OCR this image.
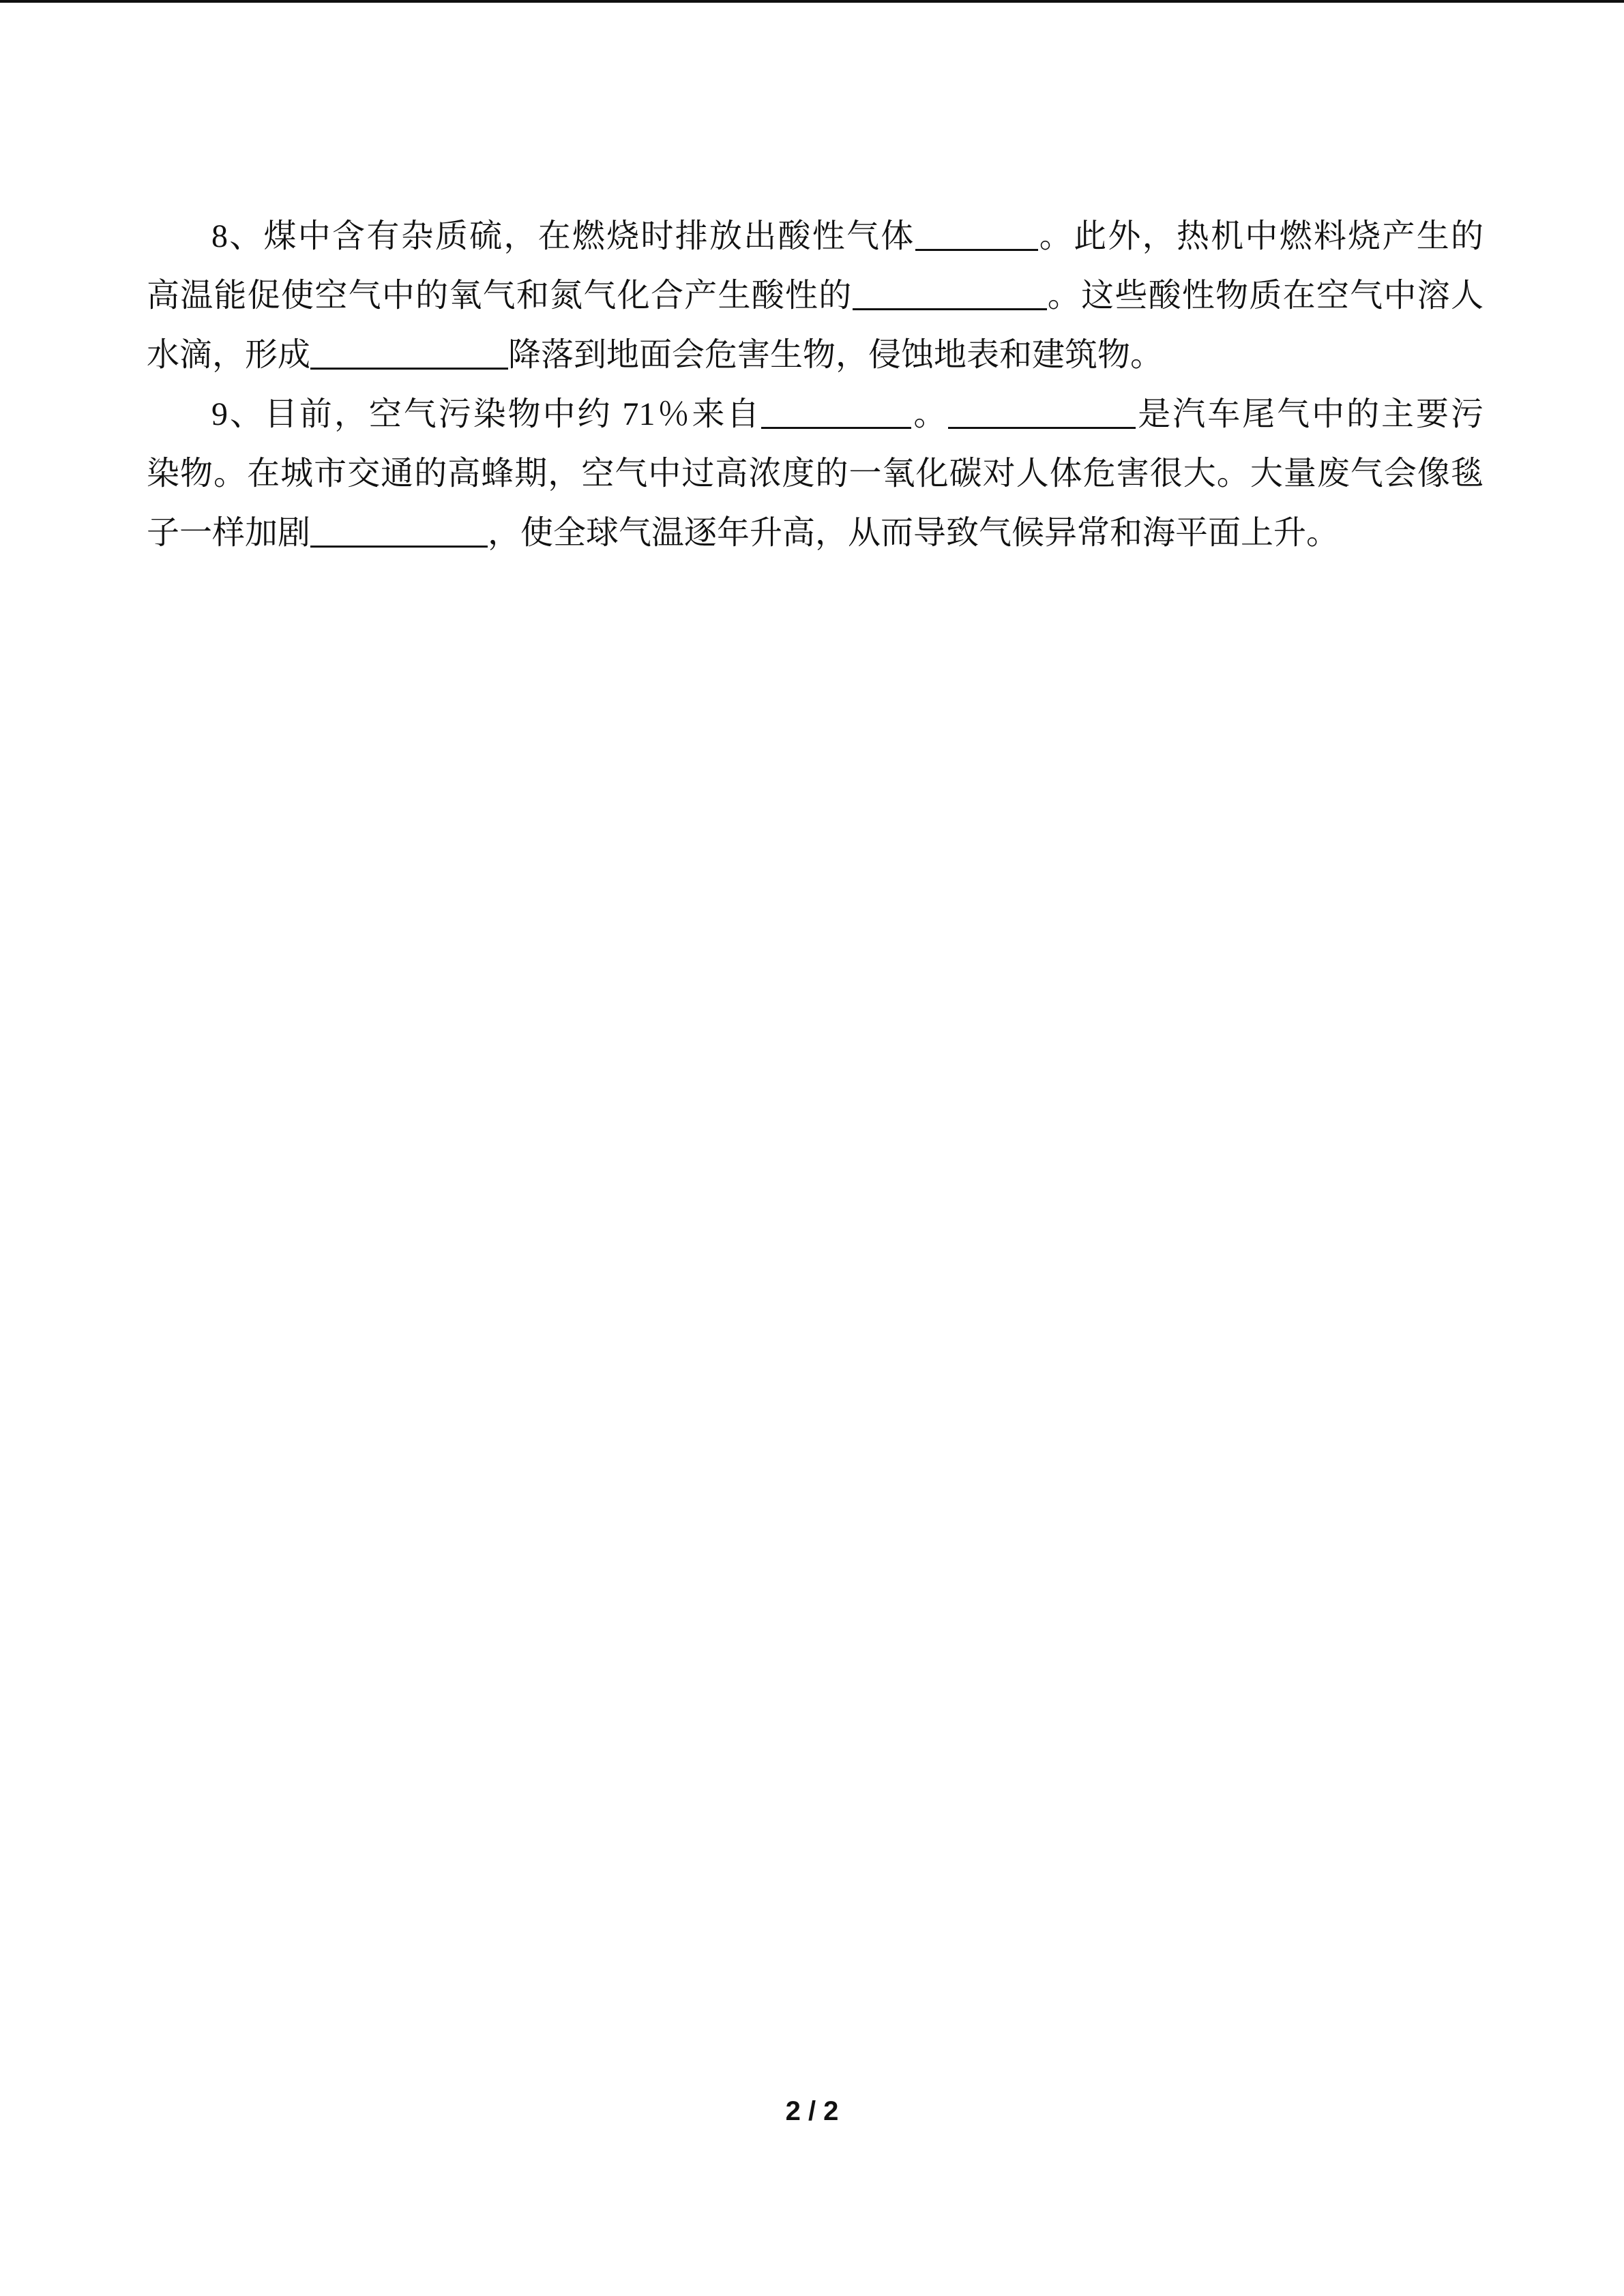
8、煤中含有杂质硫，在燃烧时排放出酸性气体	。此外，热机中燃料烧产生的
高温能促使空气中的氧气和氮气化合产生酸性的	。这些酸性物质在空气中溶人
水滴，形成	降落到地面会危害生物，侵蚀地表和建筑物。
9、目前，空气污染物中约 71％来自	。	是汽车尾气中的主要污
染物。在城市交通的高蜂期，空气中过高浓度的一氧化碳对人体危害很大。大量废气会像毯
子一样加剧	，使全球气温逐年升高，从而导致气候异常和海平面上升。
2 / 2
